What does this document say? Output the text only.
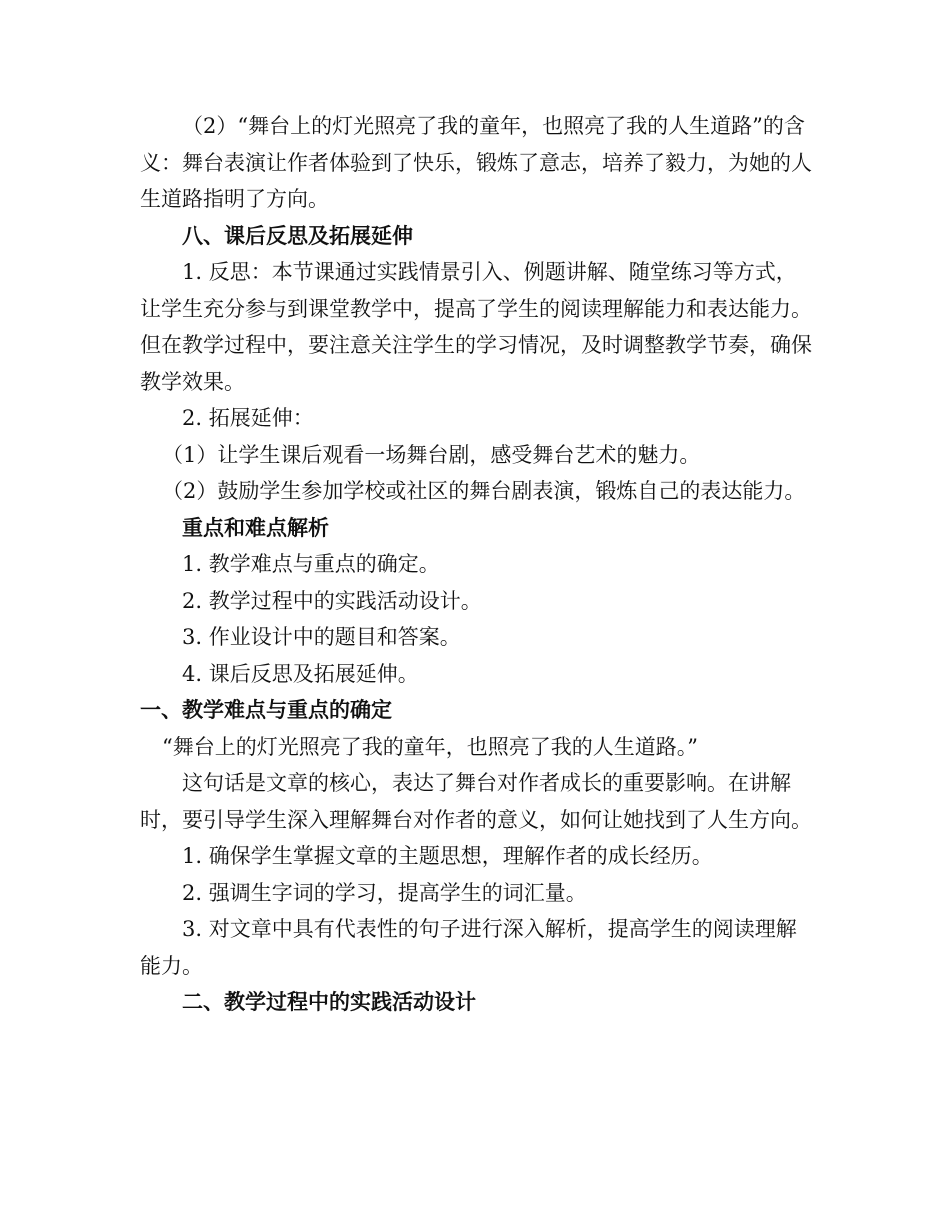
（2）“舞台上的灯光照亮了我的童年，也照亮了我的人生道路”的含义：舞台表演让作者体验到了快乐，锻炼了意志，培养了毅力，为她的人生道路指明了方向。

八、课后反思及拓展延伸

1. 反思：本节课通过实践情景引入、例题讲解、随堂练习等方式，让学生充分参与到课堂教学中，提高了学生的阅读理解能力和表达能力。但在教学过程中，要注意关注学生的学习情况，及时调整教学节奏，确保教学效果。

2. 拓展延伸：

（1）让学生课后观看一场舞台剧，感受舞台艺术的魅力。

（2）鼓励学生参加学校或社区的舞台剧表演，锻炼自己的表达能力。

重点和难点解析

1. 教学难点与重点的确定。

2. 教学过程中的实践活动设计。

3. 作业设计中的题目和答案。

4. 课后反思及拓展延伸。

一、教学难点与重点的确定

“舞台上的灯光照亮了我的童年，也照亮了我的人生道路。”

这句话是文章的核心，表达了舞台对作者成长的重要影响。在讲解时，要引导学生深入理解舞台对作者的意义，如何让她找到了人生方向。

1. 确保学生掌握文章的主题思想，理解作者的成长经历。

2. 强调生字词的学习，提高学生的词汇量。

3. 对文章中具有代表性的句子进行深入解析，提高学生的阅读理解能力。

二、教学过程中的实践活动设计
